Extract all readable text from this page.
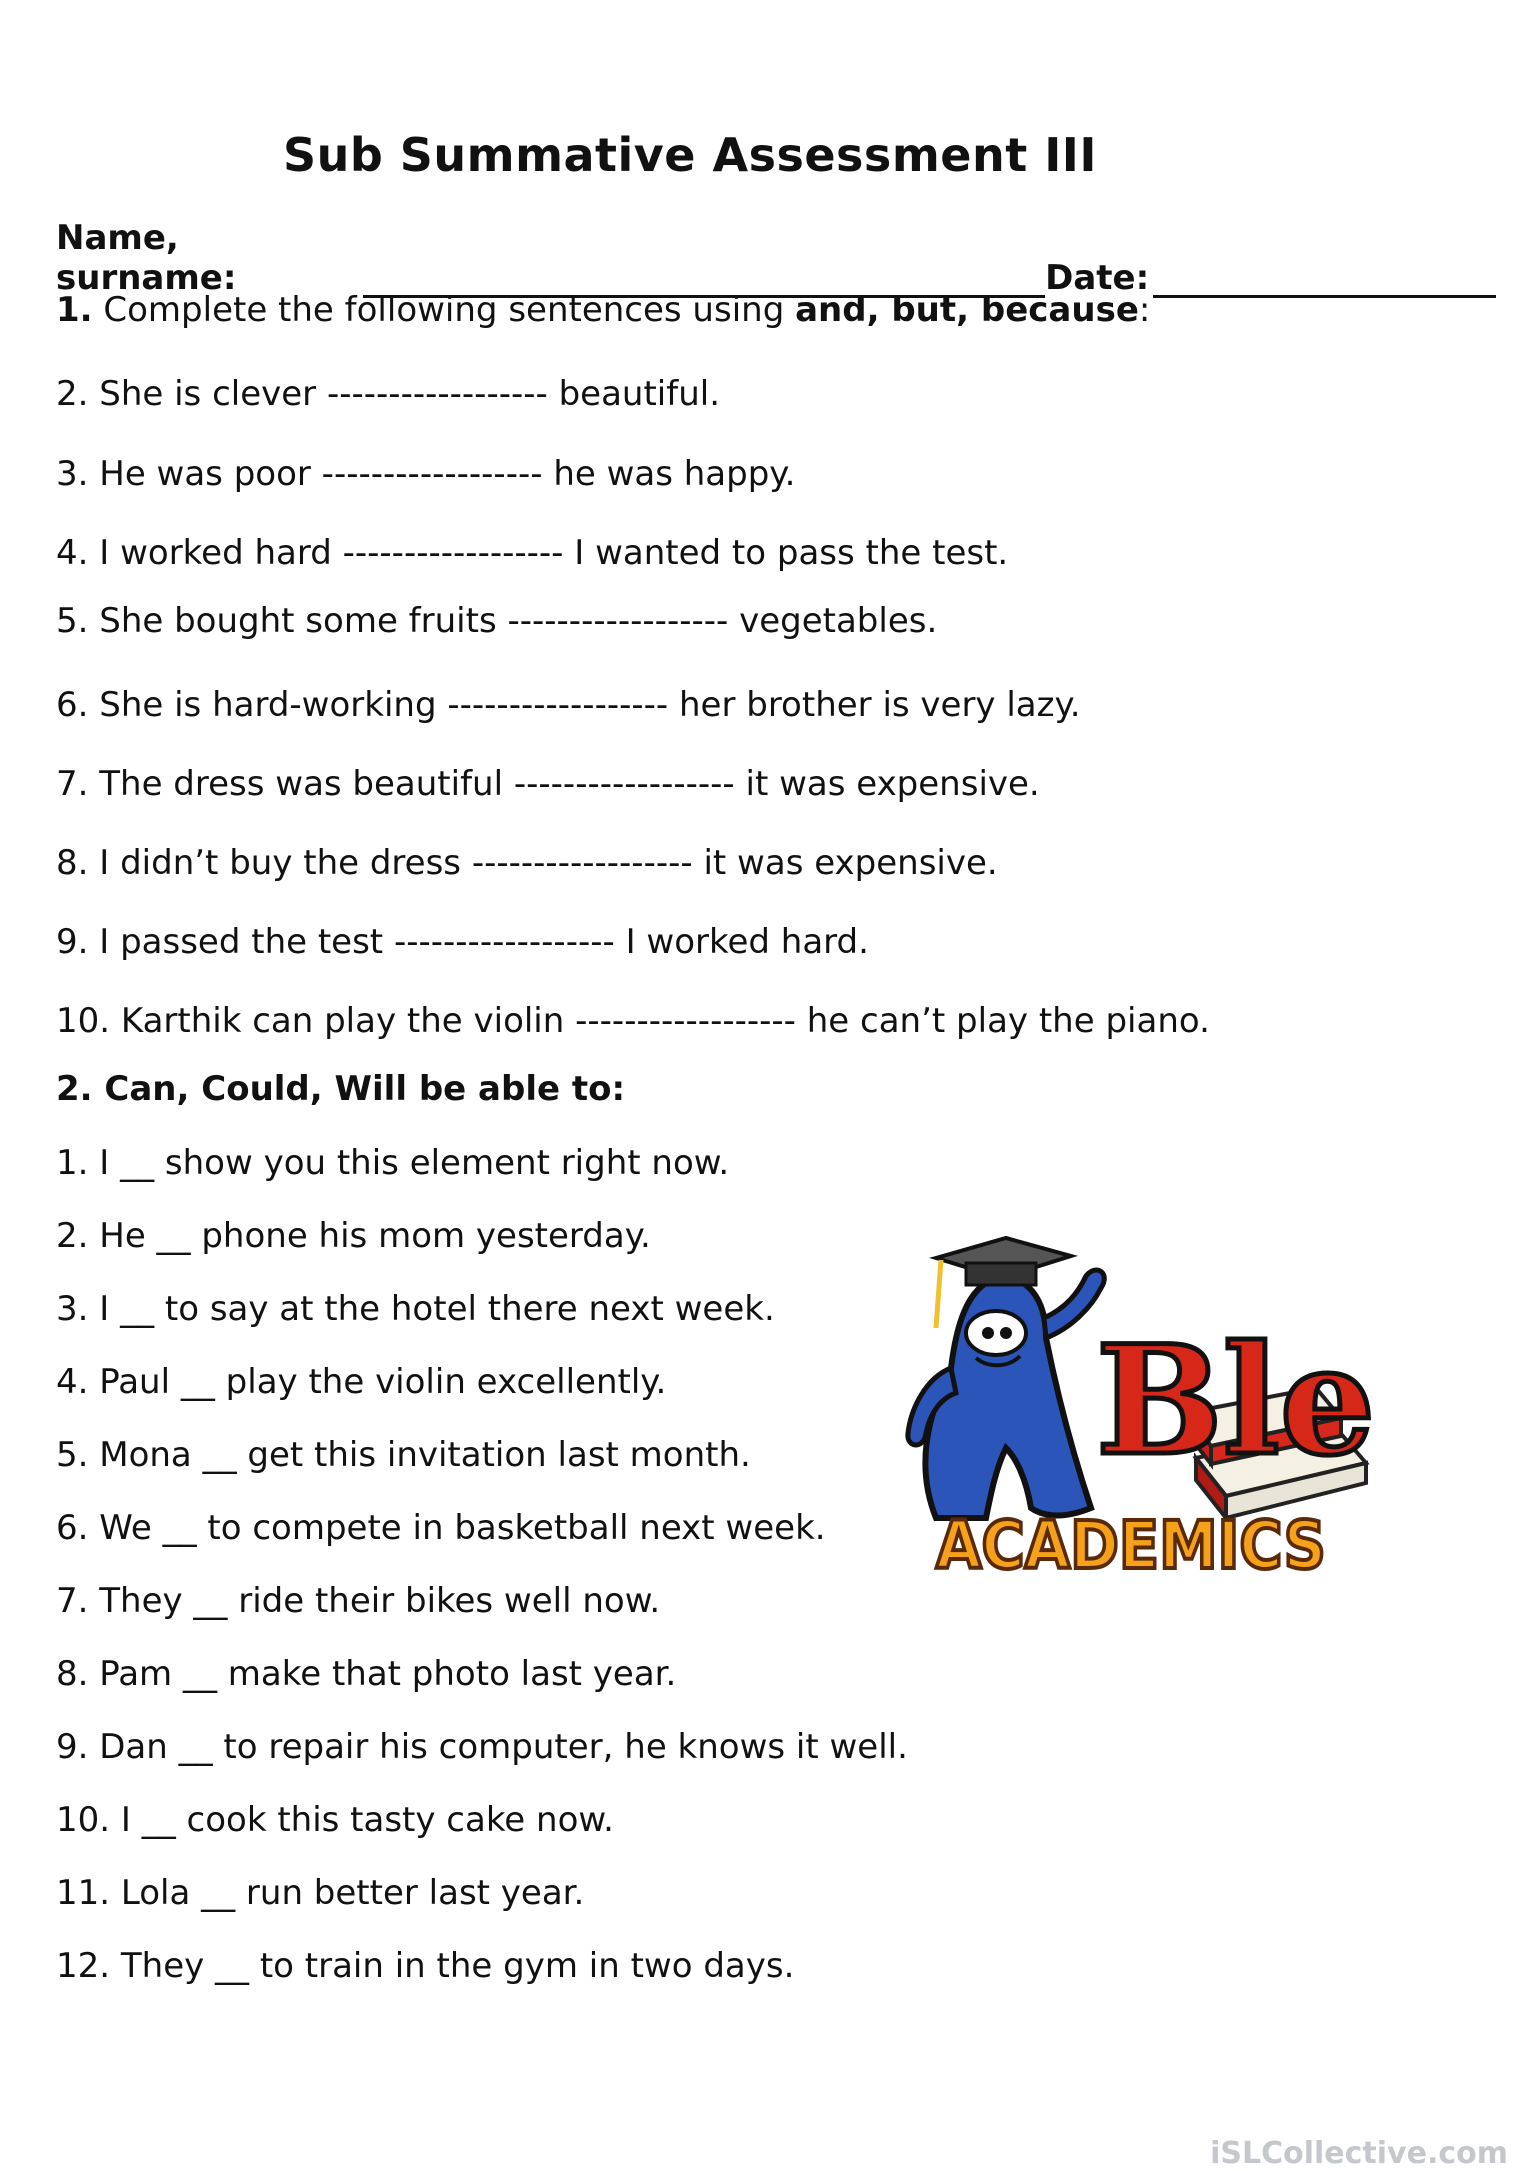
Sub Summative Assessment III
Name, surname:	Date:
1. Complete the following sentences using and, but, because:
2. She is clever ------------------ beautiful.
3. He was poor ------------------ he was happy.
4. I worked hard ------------------ I wanted to pass the test.
5. She bought some fruits ------------------ vegetables.
6. She is hard-working ------------------ her brother is very lazy.
7. The dress was beautiful ------------------ it was expensive.
8. I didn’t buy the dress ------------------ it was expensive.
9. I passed the test ------------------ I worked hard.
10. Karthik can play the violin ------------------ he can’t play the piano.
2. Can, Could, Will be able to:
1. I __ show you this element right now.
2. He __ phone his mom yesterday.
3. I __ to say at the hotel there next week.
4. Paul __ play the violin excellently.
5. Mona __ get this invitation last month.
6. We __ to compete in basketball next week.
7. They __ ride their bikes well now.
8. Pam __ make that photo last year.
9. Dan __ to repair his computer, he knows it well.
10. I __ cook this tasty cake now.
11. Lola __ run better last year.
12. They __ to train in the gym in two days.
Ble
ACADEMICS
iSLCollective.com
